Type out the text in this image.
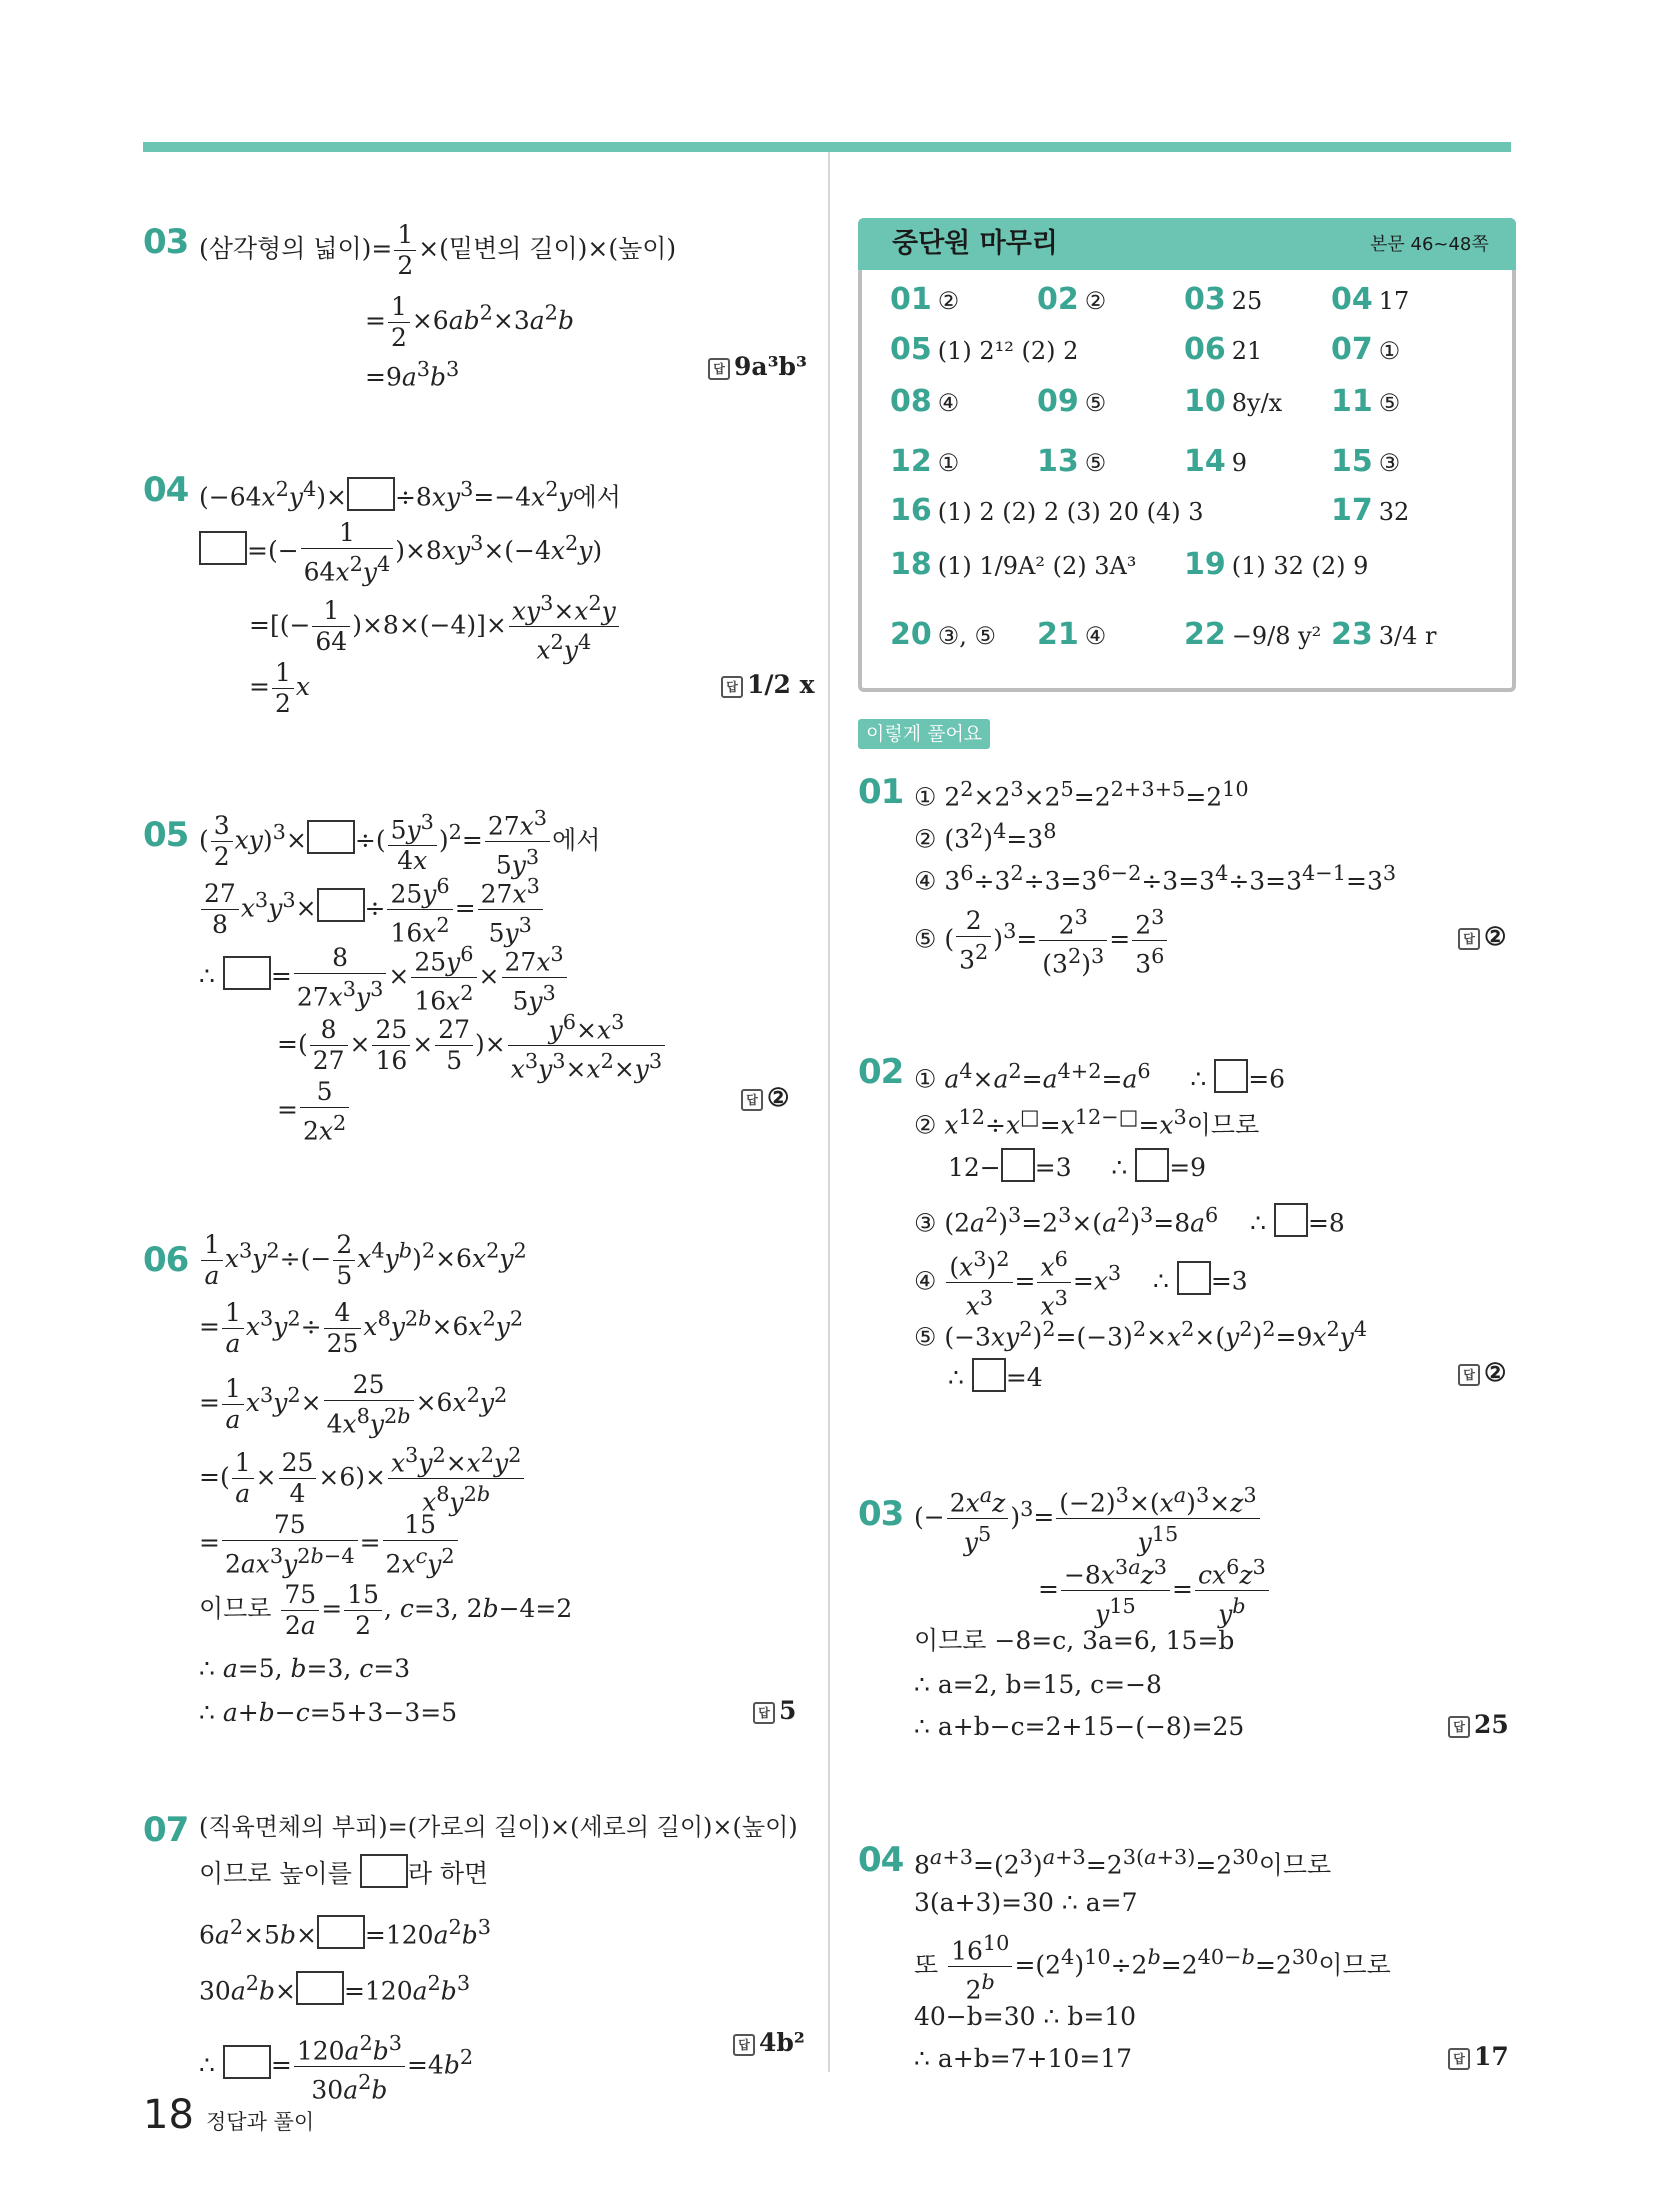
03 (삼각형의 넓이)= $\frac{1}{2}$ ×(밑변의 길이)×(높이)
= $\frac{1}{2} \times 6ab^2\times 3a^2b$
$=9a^3b^3$	답 9a³b³
04 $(-64x^2y^4)\times \div 8xy^3=-4x^2y$에서
=(− $\frac{1}{64x^2y^4} )\times 8xy^3\times(-4x^2y)$
=[(− $\frac{1}{64} )\times 8\times(-4)]\times \frac{xy^3\times x^2y}{x^2y^4}$
= $\frac{1}{2}$ x	답 1/2 x
05 ( $\frac{3}{2} xy)^3\times$ ÷( $\frac{5y^3}{4x} )^2= \frac{27x^3}{5y^3}$ 에서
$\frac{27}{8} x^3y^3\times \div \frac{25y^6}{16x^2} = \frac{27x^3}{5y^3}$
∴ = $\frac{8}{27x^3y^3} \times \frac{25y^6}{16x^2} \times \frac{27x^3}{5y^3}$
=( $\frac{8}{27} \times \frac{25}{16} \times \frac{27}{5}$ )× $\frac{y^6\times x^3}{x^3y^3\times x^2\times y^3}$
= $\frac{5}{2x^2}$	답 ②
$06 \frac{1}{a} x^3y^2\div(- \frac{2}{5} x^4y^b)^2\times 6x^2y^2$
= $\frac{1}{a} x^3y^2\div \frac{4}{25} x^8y^{2b}\times 6x^2y^2$
= $\frac{1}{a} x^3y^2\times \frac{25}{4x^8y^{2b}} \times 6x^2y^2$
=( $\frac{1}{a} \times \frac{25}{4} \times 6)\times \frac{x^3y^2\times x^2y^2}{x^8y^{2b}}$
= $\frac{75}{2ax^3y^{2b-4}} = \frac{15}{2x^cy^2}$
이므로 $\frac{75}{2a} = \frac{15}{2}$ , c=3, 2b−4=2
∴ a=5, b=3, c=3
∴ a+b−c=5+3−3=5	답 5
07 (직육면체의 부피)=(가로의 길이)×(세로의 길이)×(높이)
이므로 높이를 라 하면
$6a^2\times 5b\times =120a^2b^3$
$30a^2b\times =120a^2b^3$
∴ = $\frac{120a^2b^3}{30a^2b} =4b^2$	답 4b²
중단원 마무리	본문 46~48쪽
01 ②	02 ②	03 25 04 17
05 (1) 2¹² (2) 2	06 21 07 ①
08 ④	09 ⑤	10 8y/x 11 ⑤
12 ①	13 ⑤	14 9	15 ③
16 (1) 2 (2) 2 (3) 20 (4) 3	17 32
18 (1) 1/9A² (2) 3A³ 19 (1) 32 (2) 9
20 ③, ⑤ 21 ④	22 −9/8 y² 23 3/4 r
이렇게 풀어요
01 ① $2^2\times 2^3\times 2^5=2^{2+3+5}=2^{10}$
② $(3^2)^4=3^8$
④ $3^6\div 3^2\div 3=3^{6-2}\div 3=3^4\div 3=3^{4-1}=3^3$
⑤ ( $\frac{2}{3^2} )^3= \frac{2^3}{(3^2)^3} = \frac{2^3}{3^6}$	답 ②
02 ① $a^4\times a^2=a^{4+2}=a^6$     ∴ =6
② $x^{12}\div x^□=x^{12-□}=x^3$이므로
12− =3     ∴ =9
③ $(2a^2)^3=2^3\times(a^2)^3=8a^6$    ∴ =8
④ $\frac{(x^3)^2}{x^3} = \frac{x^6}{x^3} =x^3$    ∴ =3
⑤ $(-3xy^2)^2=(-3)^2\times x^2\times(y^2)^2=9x^2y^4$
∴ =4	답 ②
03 (− $\frac{2x^az}{y^5} )^3= \frac{(-2)^3\times(x^a)^3\times z^3}{y^{15}}$
= $\frac{-8x^{3a}z^3}{y^{15}} = \frac{cx^6z^3}{y^b}$
이므로 −8=c, 3a=6, 15=b
∴ a=2, b=15, c=−8
∴ a+b−c=2+15−(−8)=25	답 25
04 $8^{a+3}=(2^3)^{a+3}=2^{3(a+3)}=2^{30}$이므로
3(a+3)=30 ∴ a=7
또 $\frac{16^{10}}{2^b} =(2^4)^{10}\div 2^b=2^{40-b}=2^{30}$이므로
40−b=30 ∴ b=10
∴ a+b=7+10=17	답 17
18 정답과 풀이
